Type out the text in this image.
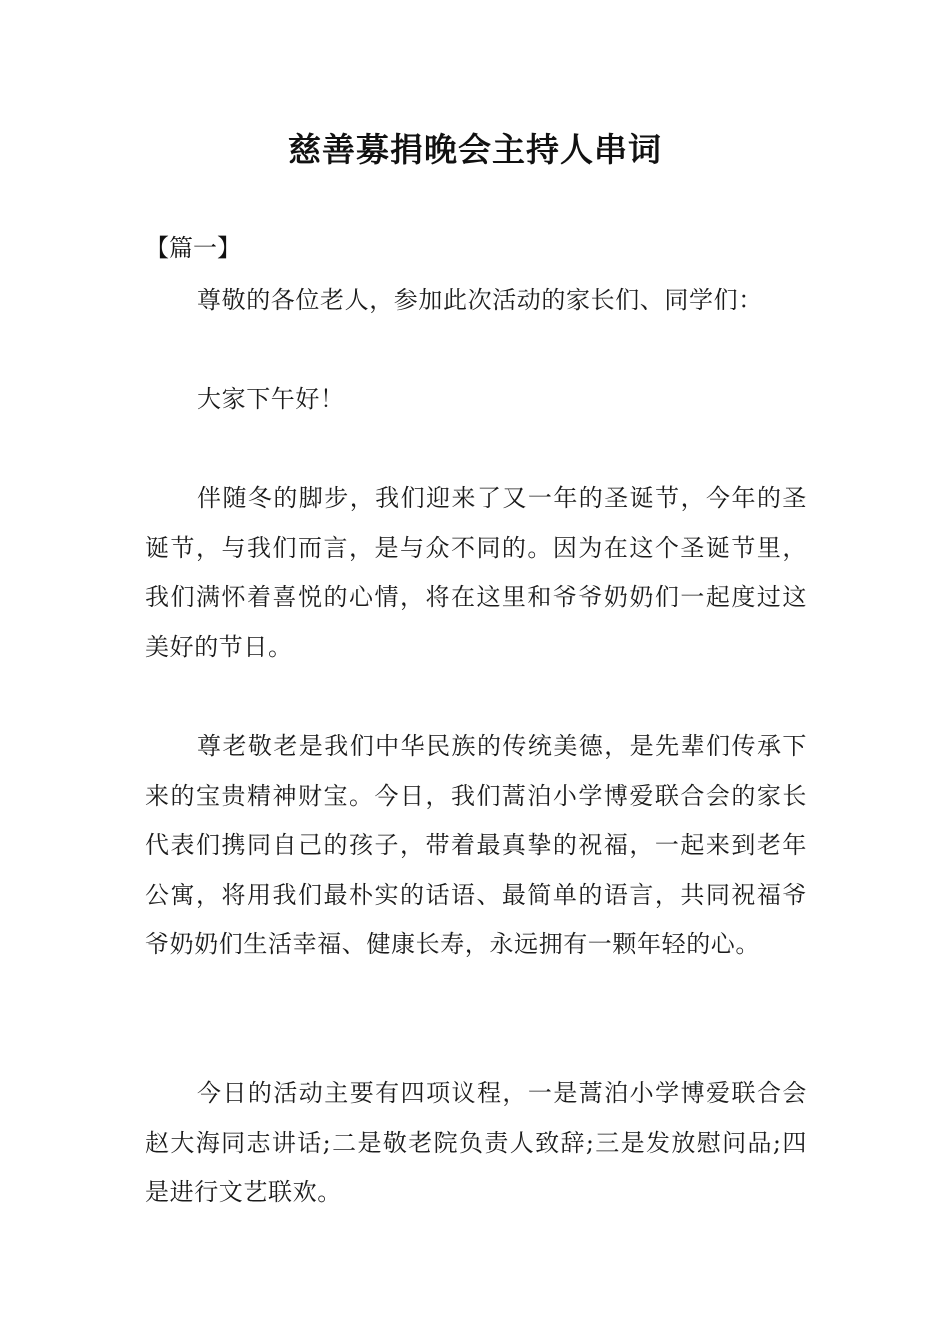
慈善募捐晚会主持人串词
【篇一】

尊敬的各位老人，参加此次活动的家长们、同学们：

大家下午好！

伴随冬的脚步，我们迎来了又一年的圣诞节，今年的圣诞节，与我们而言，是与众不同的。因为在这个圣诞节里，我们满怀着喜悦的心情，将在这里和爷爷奶奶们一起度过这美好的节日。

尊老敬老是我们中华民族的传统美德，是先辈们传承下来的宝贵精神财宝。今日，我们蒿泊小学博爱联合会的家长代表们携同自己的孩子，带着最真挚的祝福，一起来到老年公寓，将用我们最朴实的话语、最简单的语言，共同祝福爷爷奶奶们生活幸福、健康长寿，永远拥有一颗年轻的心。

今日的活动主要有四项议程，一是蒿泊小学博爱联合会赵大海同志讲话;二是敬老院负责人致辞;三是发放慰问品;四是进行文艺联欢。
